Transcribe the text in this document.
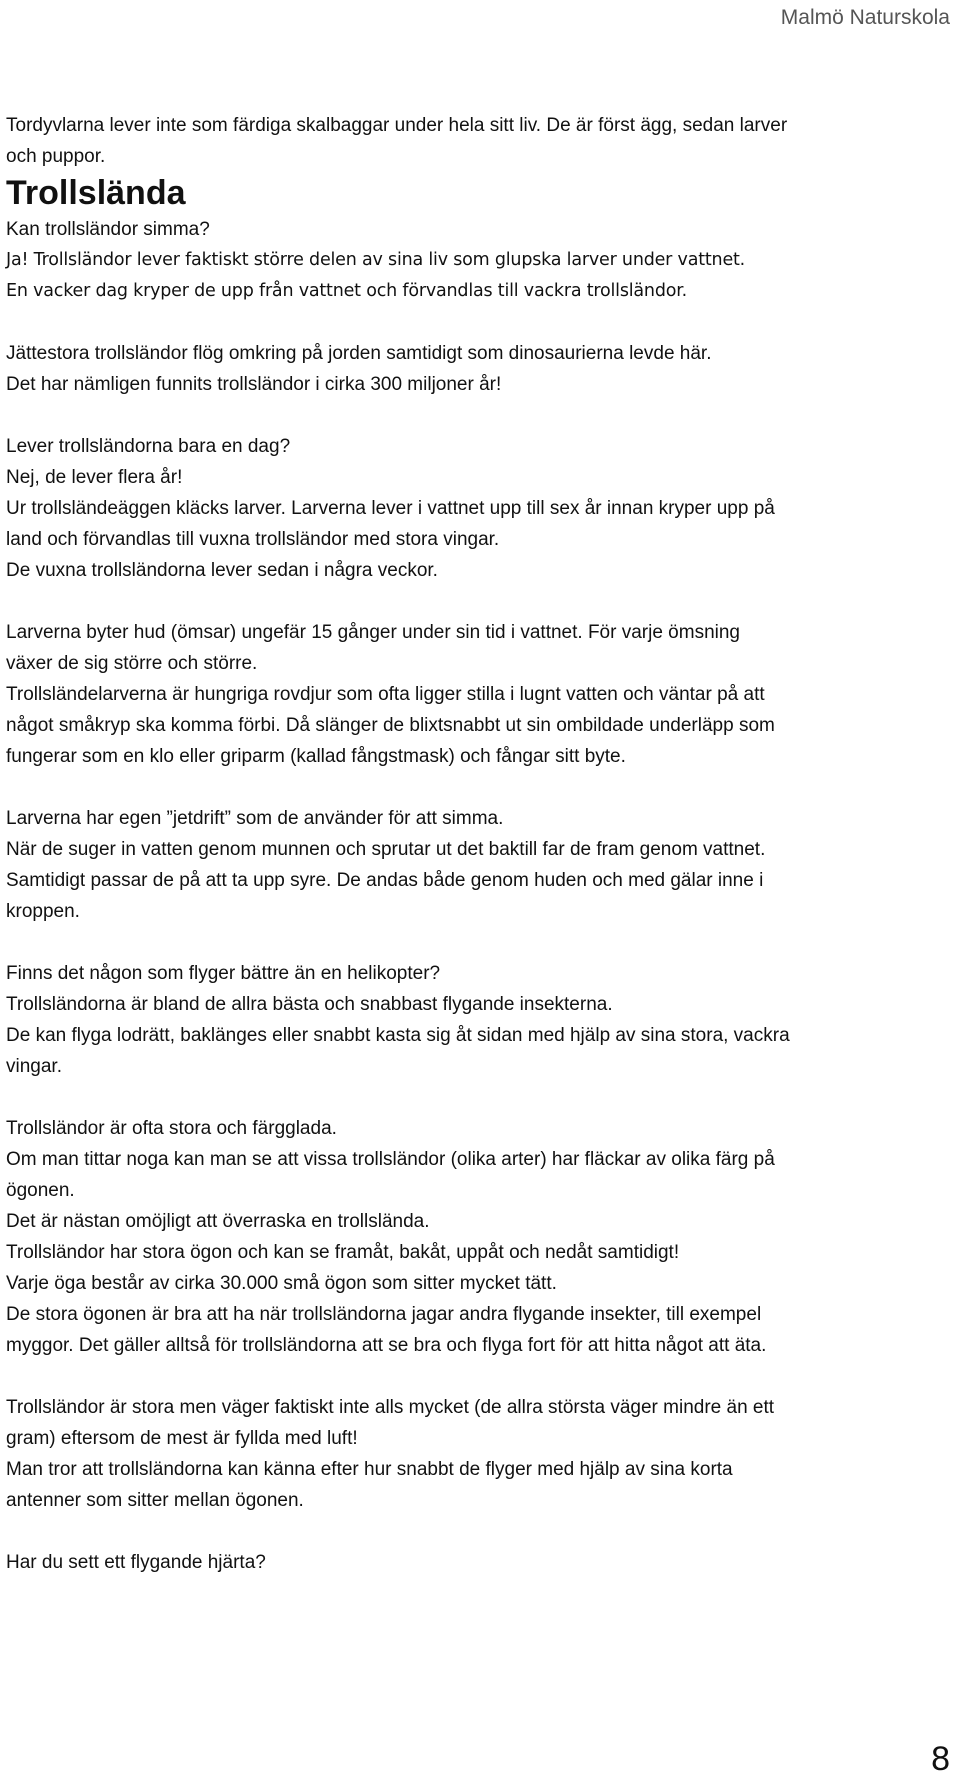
Malmö Naturskola

Tordyvlarna lever inte som färdiga skalbaggar under hela sitt liv. De är först ägg, sedan larver

och puppor.

Trollslända

Kan trollsländor simma?

Ja! Trollsländor lever faktiskt större delen av sina liv som glupska larver under vattnet.

En vacker dag kryper de upp från vattnet och förvandlas till vackra trollsländor.

Jättestora trollsländor flög omkring på jorden samtidigt som dinosaurierna levde här.

Det har nämligen funnits trollsländor i cirka 300 miljoner år!

Lever trollsländorna bara en dag?

Nej, de lever flera år!

Ur trollsländeäggen kläcks larver. Larverna lever i vattnet upp till sex år innan kryper upp på

land och förvandlas till vuxna trollsländor med stora vingar.

De vuxna trollsländorna lever sedan i några veckor.

Larverna byter hud (ömsar) ungefär 15 gånger under sin tid i vattnet. För varje ömsning

växer de sig större och större.

Trollsländelarverna är hungriga rovdjur som ofta ligger stilla i lugnt vatten och väntar på att

något småkryp ska komma förbi. Då slänger de blixtsnabbt ut sin ombildade underläpp som

fungerar som en klo eller griparm (kallad fångstmask) och fångar sitt byte.

Larverna har egen ”jetdrift” som de använder för att simma.

När de suger in vatten genom munnen och sprutar ut det baktill far de fram genom vattnet.

Samtidigt passar de på att ta upp syre. De andas både genom huden och med gälar inne i

kroppen.

Finns det någon som flyger bättre än en helikopter?

Trollsländorna är bland de allra bästa och snabbast flygande insekterna.

De kan flyga lodrätt, baklänges eller snabbt kasta sig åt sidan med hjälp av sina stora, vackra

vingar.

Trollsländor är ofta stora och färgglada.

Om man tittar noga kan man se att vissa trollsländor (olika arter) har fläckar av olika färg på

ögonen.

Det är nästan omöjligt att överraska en trollslända.

Trollsländor har stora ögon och kan se framåt, bakåt, uppåt och nedåt samtidigt!

Varje öga består av cirka 30.000 små ögon som sitter mycket tätt.

De stora ögonen är bra att ha när trollsländorna jagar andra flygande insekter, till exempel

myggor. Det gäller alltså för trollsländorna att se bra och flyga fort för att hitta något att äta.

Trollsländor är stora men väger faktiskt inte alls mycket (de allra största väger mindre än ett

gram) eftersom de mest är fyllda med luft!

Man tror att trollsländorna kan känna efter hur snabbt de flyger med hjälp av sina korta

antenner som sitter mellan ögonen.

Har du sett ett flygande hjärta?

8
